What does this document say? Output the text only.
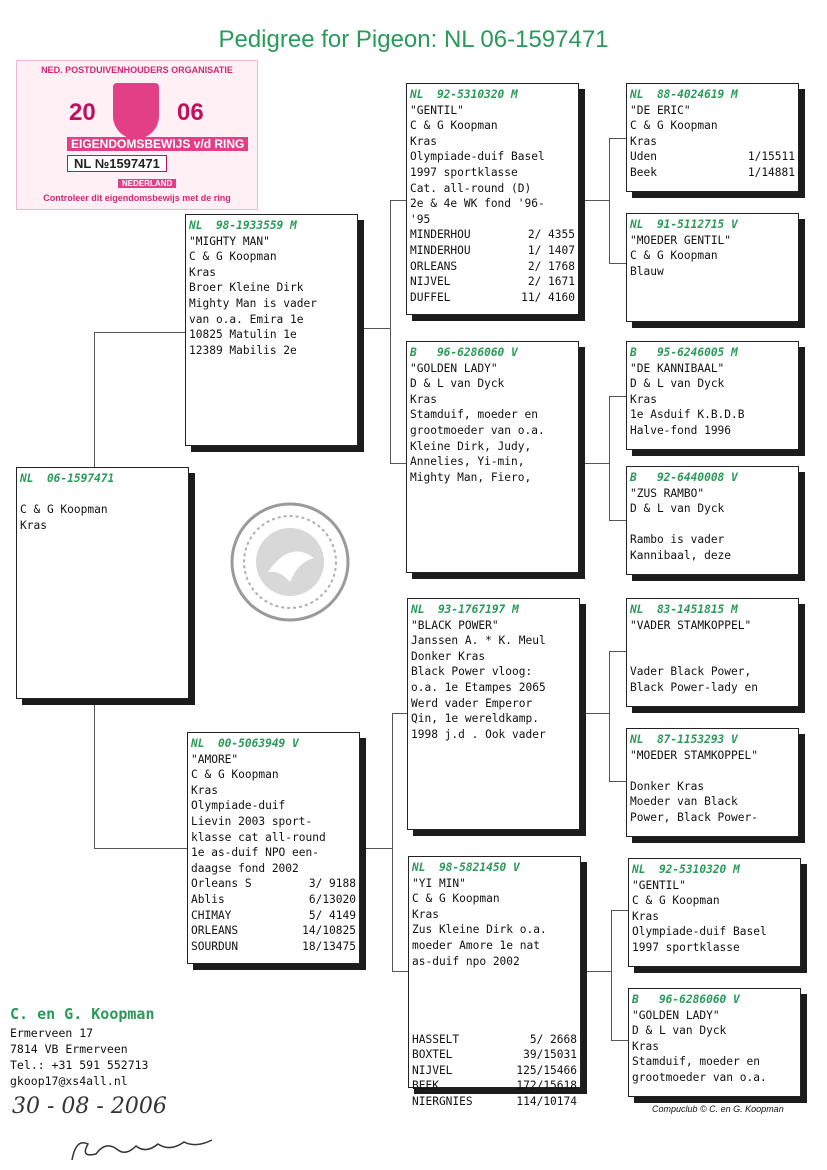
Pedigree for Pigeon: NL 06-1597471
NED. POSTDUIVENHOUDERS ORGANISATIE
20	06
EIGENDOMSBEWIJS v/d RING
NL №1597471
NEDERLAND
Controleer dit eigendomsbewijs met de ring
NL  06-1597471
C & G Koopman
Kras
NL  98-1933559 M
"MIGHTY MAN"
C & G Koopman
Kras
Broer Kleine Dirk
Mighty Man is vader
van o.a. Emira 1e
10825 Matulin 1e
12389 Mabilis 2e
NL  00-5063949 V
"AMORE"
C & G Koopman
Kras
Olympiade-duif
Lievin 2003 sport-
klasse cat all-round
1e as-duif NPO een-
daagse fond 2002
Orleans S	3/ 9188
Ablis	6/13020
CHIMAY	5/ 4149
ORLEANS	14/10825
SOURDUN	18/13475
NL  92-5310320 M
"GENTIL"
C & G Koopman
Kras
Olympiade-duif Basel
1997 sportklasse
Cat. all-round (D)
2e & 4e WK fond '96-
'95
MINDERHOU	2/ 4355
MINDERHOU	1/ 1407
ORLEANS	2/ 1768
NIJVEL	2/ 1671
DUFFEL	11/ 4160
B   96-6286060 V
"GOLDEN LADY"
D & L van Dyck
Kras
Stamduif, moeder en
grootmoeder van o.a.
Kleine Dirk, Judy,
Annelies, Yi-min,
Mighty Man, Fiero,
NL  93-1767197 M
"BLACK POWER"
Janssen A. * K. Meul
Donker Kras
Black Power vloog:
o.a. 1e Etampes 2065
Werd vader Emperor
Qin, 1e wereldkamp.
1998 j.d . Ook vader
NL  98-5821450 V
"YI MIN"
C & G Koopman
Kras
Zus Kleine Dirk o.a.
moeder Amore 1e nat
as-duif npo 2002
HASSELT	5/ 2668
BOXTEL	39/15031
NIJVEL	125/15466
BEEK	172/15618
NIERGNIES	114/10174
NL  88-4024619 M
"DE ERIC"
C & G Koopman
Kras
Uden	1/15511
Beek	1/14881
NL  91-5112715 V
"MOEDER GENTIL"
C & G Koopman
Blauw
B   95-6246005 M
"DE KANNIBAAL"
D & L van Dyck
Kras
1e Asduif K.B.D.B
Halve-fond 1996
B   92-6440008 V
"ZUS RAMBO"
D & L van Dyck
Rambo is vader
Kannibaal, deze
NL  83-1451815 M
"VADER STAMKOPPEL"
Vader Black Power,
Black Power-lady en
NL  87-1153293 V
"MOEDER STAMKOPPEL"
Donker Kras
Moeder van Black
Power, Black Power-
NL  92-5310320 M
"GENTIL"
C & G Koopman
Kras
Olympiade-duif Basel
1997 sportklasse
B   96-6286060 V
"GOLDEN LADY"
D & L van Dyck
Kras
Stamduif, moeder en
grootmoeder van o.a.
C. en G. Koopman
Ermerveen 17
7814 VB Ermerveen
Tel.: +31 591 552713
gkoop17@xs4all.nl
30 - 08 - 2006	Compuclub © C. en G. Koopman
